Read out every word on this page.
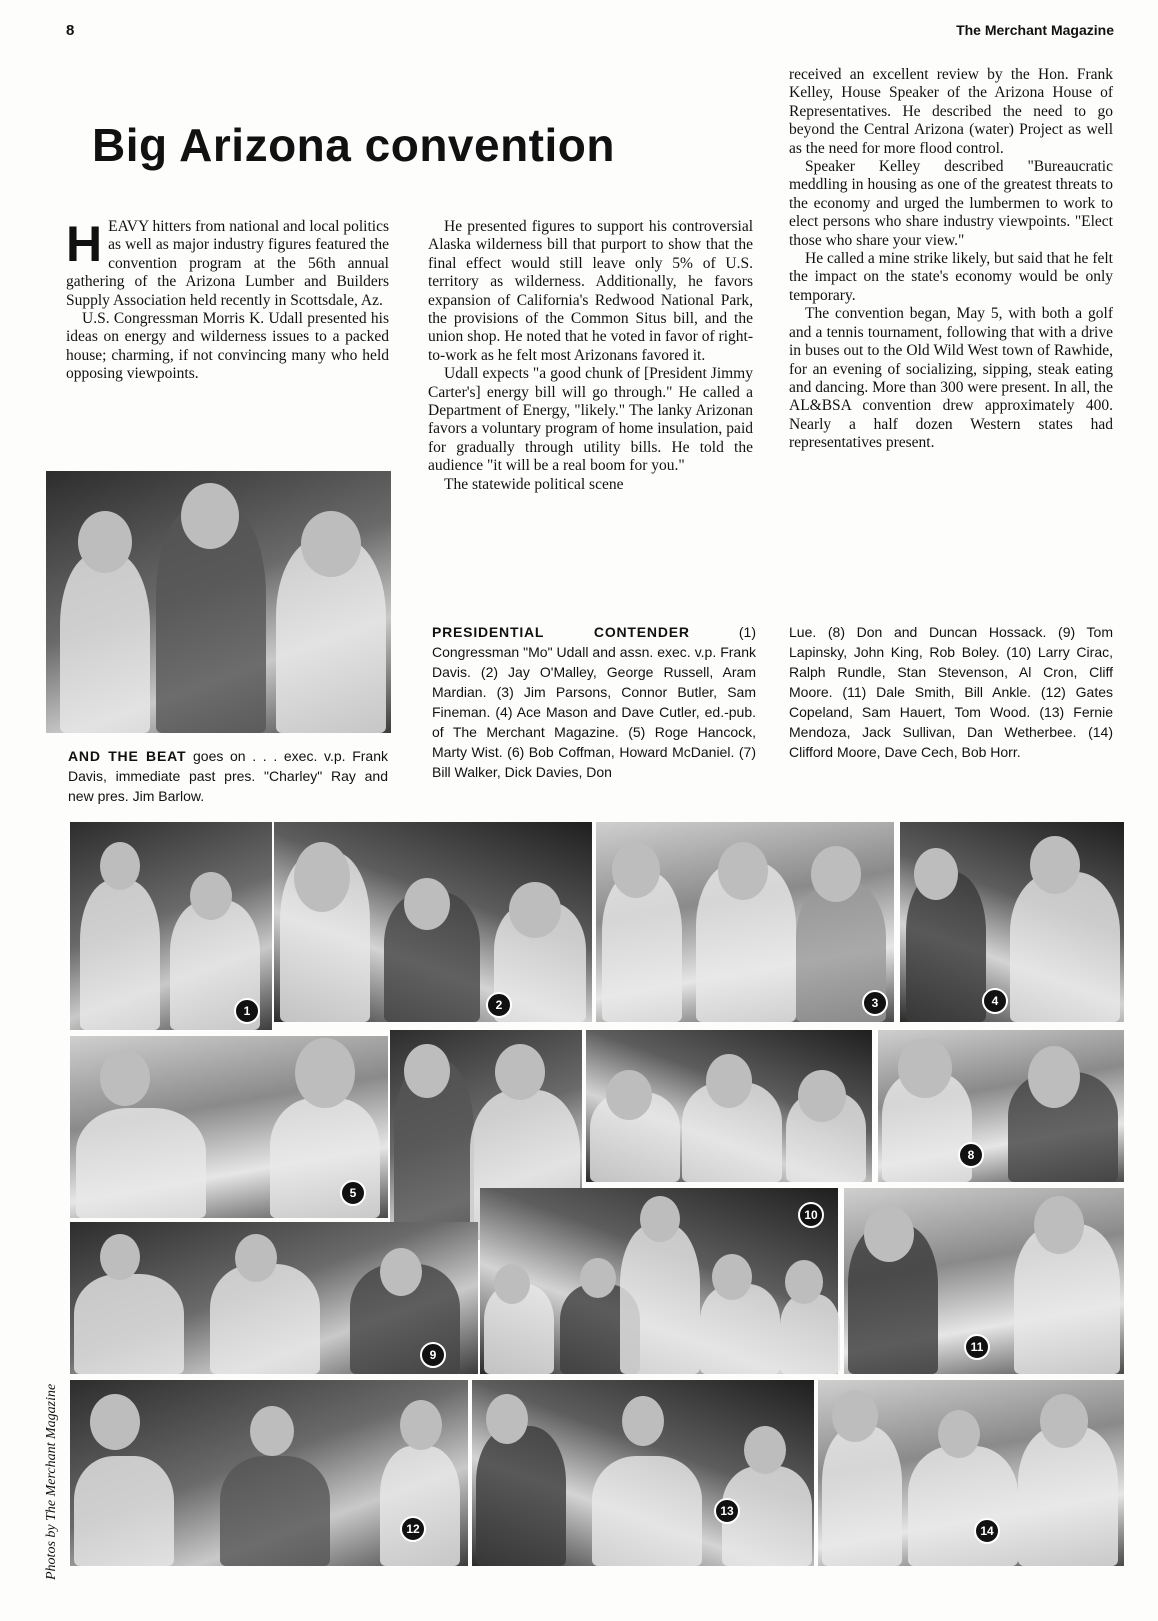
8	The Merchant Magazine
Big Arizona convention

HEAVY hitters from national and local politics as well as major industry figures featured the convention program at the 56th annual gathering of the Arizona Lumber and Builders Supply Association held recently in Scottsdale, Az.

U.S. Congressman Morris K. Udall presented his ideas on energy and wilderness issues to a packed house; charming, if not convincing many who held opposing viewpoints.

He presented figures to support his controversial Alaska wilderness bill that purport to show that the final effect would still leave only 5% of U.S. territory as wilderness. Additionally, he favors expansion of California's Redwood National Park, the provisions of the Common Situs bill, and the union shop. He noted that he voted in favor of right-to-work as he felt most Arizonans favored it.

Udall expects "a good chunk of [President Jimmy Carter's] energy bill will go through." He called a Department of Energy, "likely." The lanky Arizonan favors a voluntary program of home insulation, paid for gradually through utility bills. He told the audience "it will be a real boom for you."

The statewide political scene

received an excellent review by the Hon. Frank Kelley, House Speaker of the Arizona House of Representatives. He described the need to go beyond the Central Arizona (water) Project as well as the need for more flood control.

Speaker Kelley described "Bureaucratic meddling in housing as one of the greatest threats to the economy and urged the lumbermen to work to elect persons who share industry viewpoints. "Elect those who share your view."

He called a mine strike likely, but said that he felt the impact on the state's economy would be only temporary.

The convention began, May 5, with both a golf and a tennis tournament, following that with a drive in buses out to the Old Wild West town of Rawhide, for an evening of socializing, sipping, steak eating and dancing. More than 300 were present. In all, the AL&BSA convention drew approximately 400. Nearly a half dozen Western states had representatives present.

AND THE BEAT goes on . . . exec. v.p. Frank Davis, immediate past pres. "Charley" Ray and new pres. Jim Barlow.
PRESIDENTIAL CONTENDER	(1) Congressman "Mo" Udall and assn. exec. v.p. Frank Davis. (2) Jay O'Malley, George Russell, Aram Mardian. (3) Jim Parsons, Connor Butler, Sam Fineman. (4) Ace Mason and Dave Cutler, ed.-pub. of The Merchant Magazine. (5) Roge Hancock, Marty Wist. (6) Bob Coffman, Howard McDaniel. (7) Bill Walker, Dick Davies, Don
Lue. (8) Don and Duncan Hossack. (9) Tom Lapinsky, John King, Rob Boley. (10) Larry Cirac, Ralph Rundle, Stan Stevenson, Al Cron, Cliff Moore. (11) Dale Smith, Bill Ankle. (12) Gates Copeland, Sam Hauert, Tom Wood. (13) Fernie Mendoza, Jack Sullivan, Dan Wetherbee. (14) Clifford Moore, Dave Cech, Bob Horr.
1	2	3	4
5
8
9
10
11
12
13
14
Photos by The Merchant Magazine
